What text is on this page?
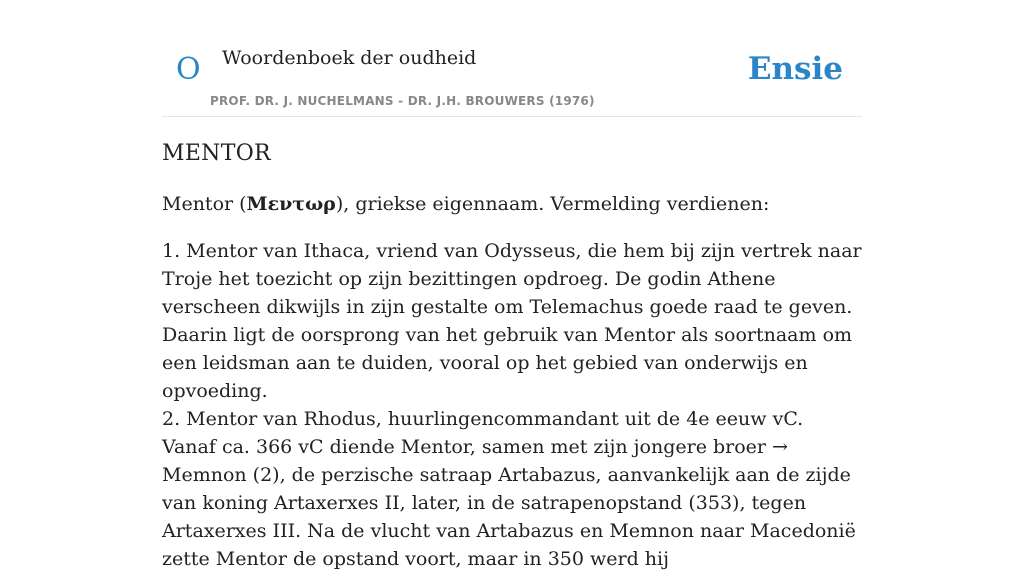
O Woordenboek der oudheid
PROF. DR. J. NUCHELMANS - DR. J.H. BROUWERS (1976)
Ensie
MENTOR

Mentor (Μεντωρ), griekse eigennaam. Vermelding verdienen:

1. Mentor van Ithaca, vriend van Odysseus, die hem bij zijn vertrek naar Troje het toezicht op zijn bezittingen opdroeg. De godin Athene verscheen dikwijls in zijn gestalte om Telemachus goede raad te geven. Daarin ligt de oorsprong van het gebruik van Mentor als soortnaam om een leidsman aan te duiden, vooral op het gebied van onderwijs en opvoeding.
2. Mentor van Rhodus, huurlingencommandant uit de 4e eeuw vC. Vanaf ca. 366 vC diende Mentor, samen met zijn jongere broer → Memnon (2), de perzische satraap Artabazus, aanvankelijk aan de zijde van koning Artaxerxes II, later, in de satrapenopstand (353), tegen Artaxerxes III. Na de vlucht van Artabazus en Memnon naar Macedonië zette Mentor de opstand voort, maar in 350 werd hij
